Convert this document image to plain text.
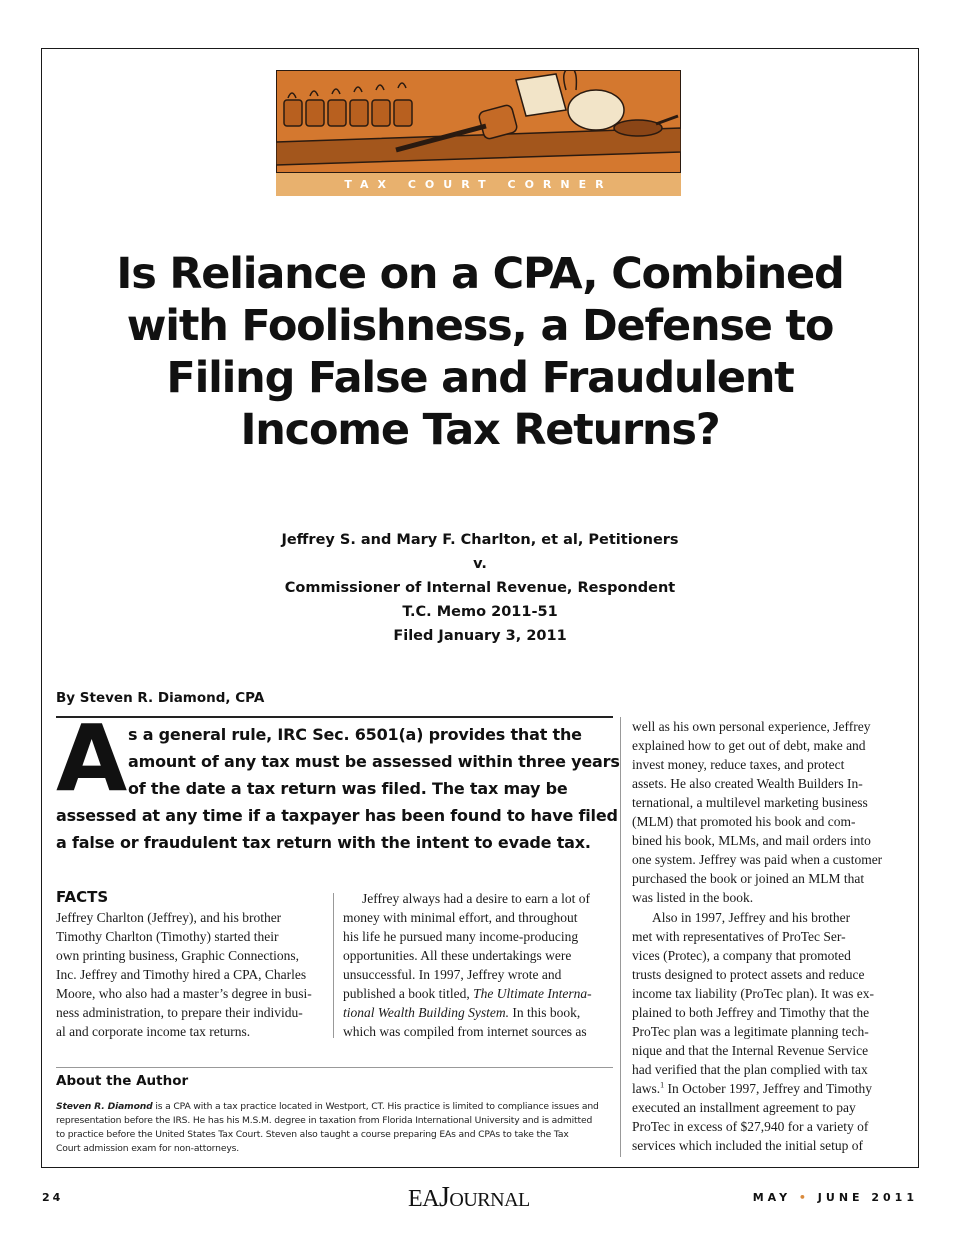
TAX COURT CORNER
Is Reliance on a CPA, Combined
with Foolishness, a Defense to
Filing False and Fraudulent
Income Tax Returns?
Jeffrey S. and Mary F. Charlton, et al, Petitioners
v.
Commissioner of Internal Revenue, Respondent
T.C. Memo 2011-51
Filed January 3, 2011
By Steven R. Diamond, CPA
A s a general rule, IRC Sec. 6501(a) provides that the
amount of any tax must be assessed within three years
of the date a tax return was filed. The tax may be
assessed at any time if a taxpayer has been found to have filed
a false or fraudulent tax return with the intent to evade tax.
FACTS
Jeffrey Charlton (Jeffrey), and his brother
Timothy Charlton (Timothy) started their
own printing business, Graphic Connections,
Inc. Jeffrey and Timothy hired a CPA, Charles
Moore, who also had a master’s degree in busi-
ness administration, to prepare their individu-
al and corporate income tax returns.
Jeffrey always had a desire to earn a lot of
money with minimal effort, and throughout
his life he pursued many income-producing
opportunities. All these undertakings were
unsuccessful. In 1997, Jeffrey wrote and
published a book titled, The Ultimate Interna-
tional Wealth Building System. In this book,
which was compiled from internet sources as
well as his own personal experience, Jeffrey
explained how to get out of debt, make and
invest money, reduce taxes, and protect
assets. He also created Wealth Builders In-
ternational, a multilevel marketing business
(MLM) that promoted his book and com-
bined his book, MLMs, and mail orders into
one system. Jeffrey was paid when a customer
purchased the book or joined an MLM that
was listed in the book.
Also in 1997, Jeffrey and his brother
met with representatives of ProTec Ser-
vices (Protec), a company that promoted
trusts designed to protect assets and reduce
income tax liability (ProTec plan). It was ex-
plained to both Jeffrey and Timothy that the
ProTec plan was a legitimate planning tech-
nique and that the Internal Revenue Service
had verified that the plan complied with tax
laws.$^1$ In October 1997, Jeffrey and Timothy
executed an installment agreement to pay
ProTec in excess of $27,940 for a variety of
services which included the initial setup of
About the Author
Steven R. Diamond is a CPA with a tax practice located in Westport, CT. His practice is limited to compliance issues and
representation before the IRS. He has his M.S.M. degree in taxation from Florida International University and is admitted
to practice before the United States Tax Court. Steven also taught a course preparing EAs and CPAs to take the Tax
Court admission exam for non-attorneys.
24	EAJOURNAL	MAY • JUNE 2011
